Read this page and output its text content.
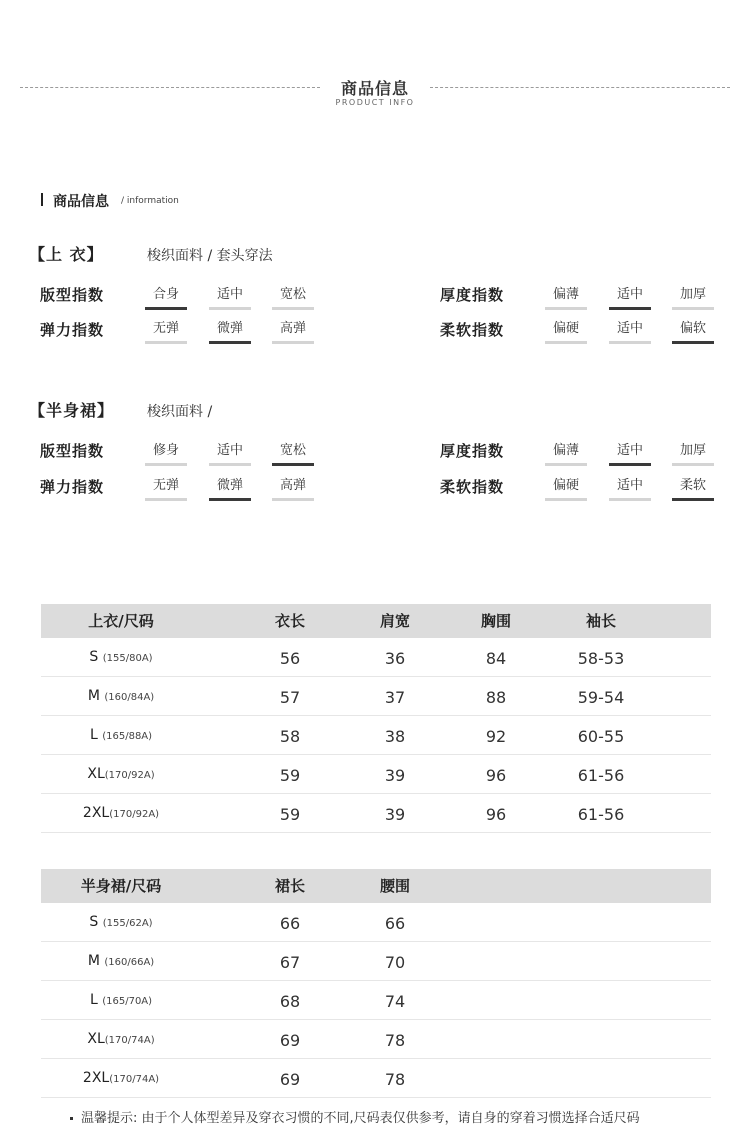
商品信息
PRODUCT INFO
商品信息 / information
【上 衣】	梭织面料 / 套头穿法
版型指数	合身	适中	宽松	厚度指数	偏薄	适中	加厚
弹力指数	无弹	微弹	高弹	柔软指数	偏硬	适中	偏软
【半身裙】 梭织面料 /
版型指数	修身	适中	宽松	厚度指数	偏薄	适中	加厚
弹力指数	无弹	微弹	高弹	柔软指数	偏硬	适中	柔软
上衣/尺码	衣长	肩宽	胸围	袖长
S (155/80A)	56	36	84	58-53
M (160/84A)	57	37	88	59-54
L (165/88A)	58	38	92	60-55
XL(170/92A)	59	39	96	61-56
2XL(170/92A)	59	39	96	61-56
半身裙/尺码	裙长	腰围
S (155/62A)	66	66
M (160/66A)	67	70
L (165/70A)	68	74
XL(170/74A)	69	78
2XL(170/74A)	69	78
温馨提示: 由于个人体型差异及穿衣习惯的不同,尺码表仅供参考，请自身的穿着习惯选择合适尺码
